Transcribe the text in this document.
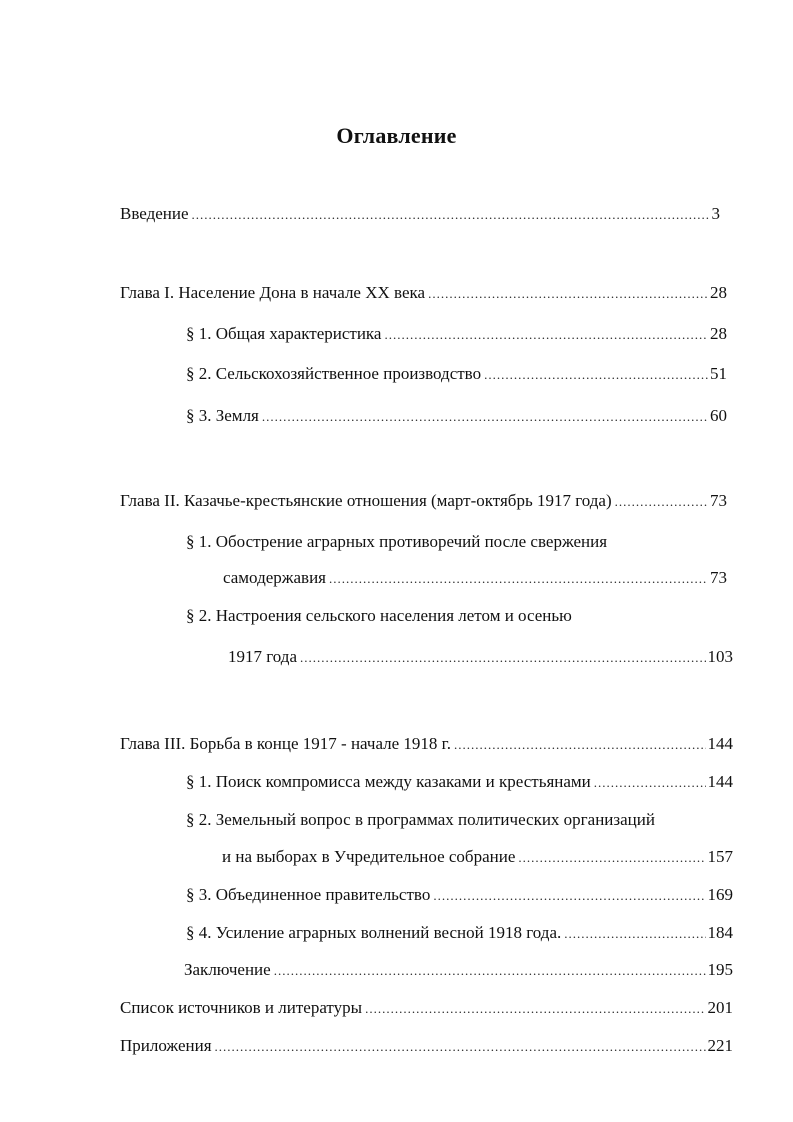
Оглавление
Введение .....	3
Глава I. Население Дона в начале XX века .....	28
§ 1. Общая характеристика .....	28
§ 2. Сельскохозяйственное производство .....	51
§ 3. Земля .....	60
Глава II. Казачье-крестьянские отношения (март-октябрь 1917 года) .....	73
§ 1. Обострение аграрных противоречий после свержения
самодержавия .....	73
§ 2. Настроения сельского населения летом и осенью
1917 года .....	103
Глава III. Борьба в конце 1917 - начале 1918 г. .....	144
§ 1. Поиск компромисса между казаками и крестьянами .....	144
§ 2. Земельный вопрос в программах политических организаций
и на выборах в Учредительное собрание .....	157
§ 3. Объединенное правительство .....	169
§ 4. Усиление аграрных волнений весной 1918 года. .....	184
Заключение .....	195
Список источников и литературы .....	201
Приложения .....	221
